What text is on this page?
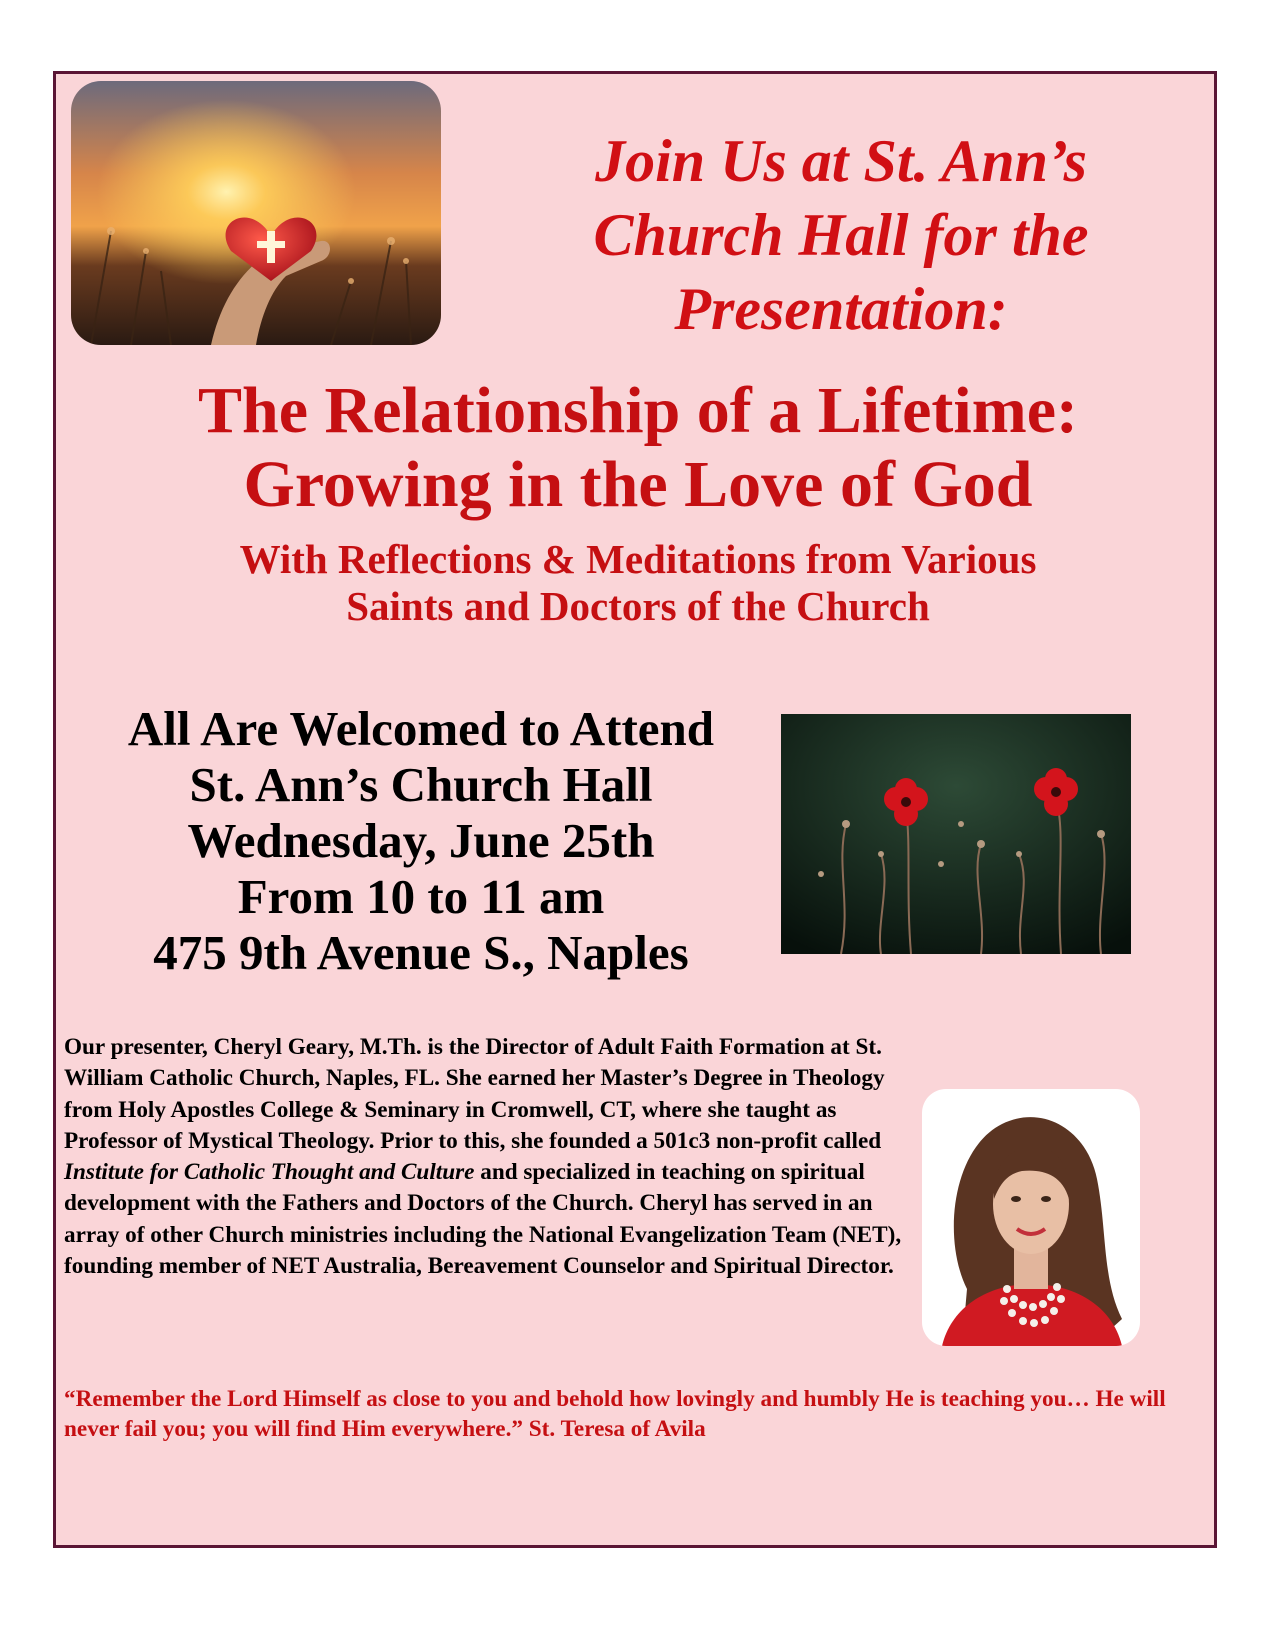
Join Us at St. Ann’s
Church Hall for the
Presentation:
The Relationship of a Lifetime:
Growing in the Love of God
With Reflections & Meditations from Various
Saints and Doctors of the Church
All Are Welcomed to Attend
St. Ann’s Church Hall
Wednesday, June 25th
From 10 to 11 am
475 9th Avenue S., Naples

Our presenter, Cheryl Geary, M.Th. is the Director of Adult Faith Formation at St. William Catholic Church, Naples, FL. She earned her Master’s Degree in Theology from Holy Apostles College & Seminary in Cromwell, CT, where she taught as Professor of Mystical Theology. Prior to this, she founded a 501c3 non-profit called Institute for Catholic Thought and Culture and specialized in teaching on spiritual development with the Fathers and Doctors of the Church. Cheryl has served in an array of other Church ministries including the National Evangelization Team (NET), founding member of NET Australia, Bereavement Counselor and Spiritual Director.

“Remember the Lord Himself as close to you and behold how lovingly and humbly He is teaching you… He will never fail you; you will find Him everywhere.” St. Teresa of Avila
